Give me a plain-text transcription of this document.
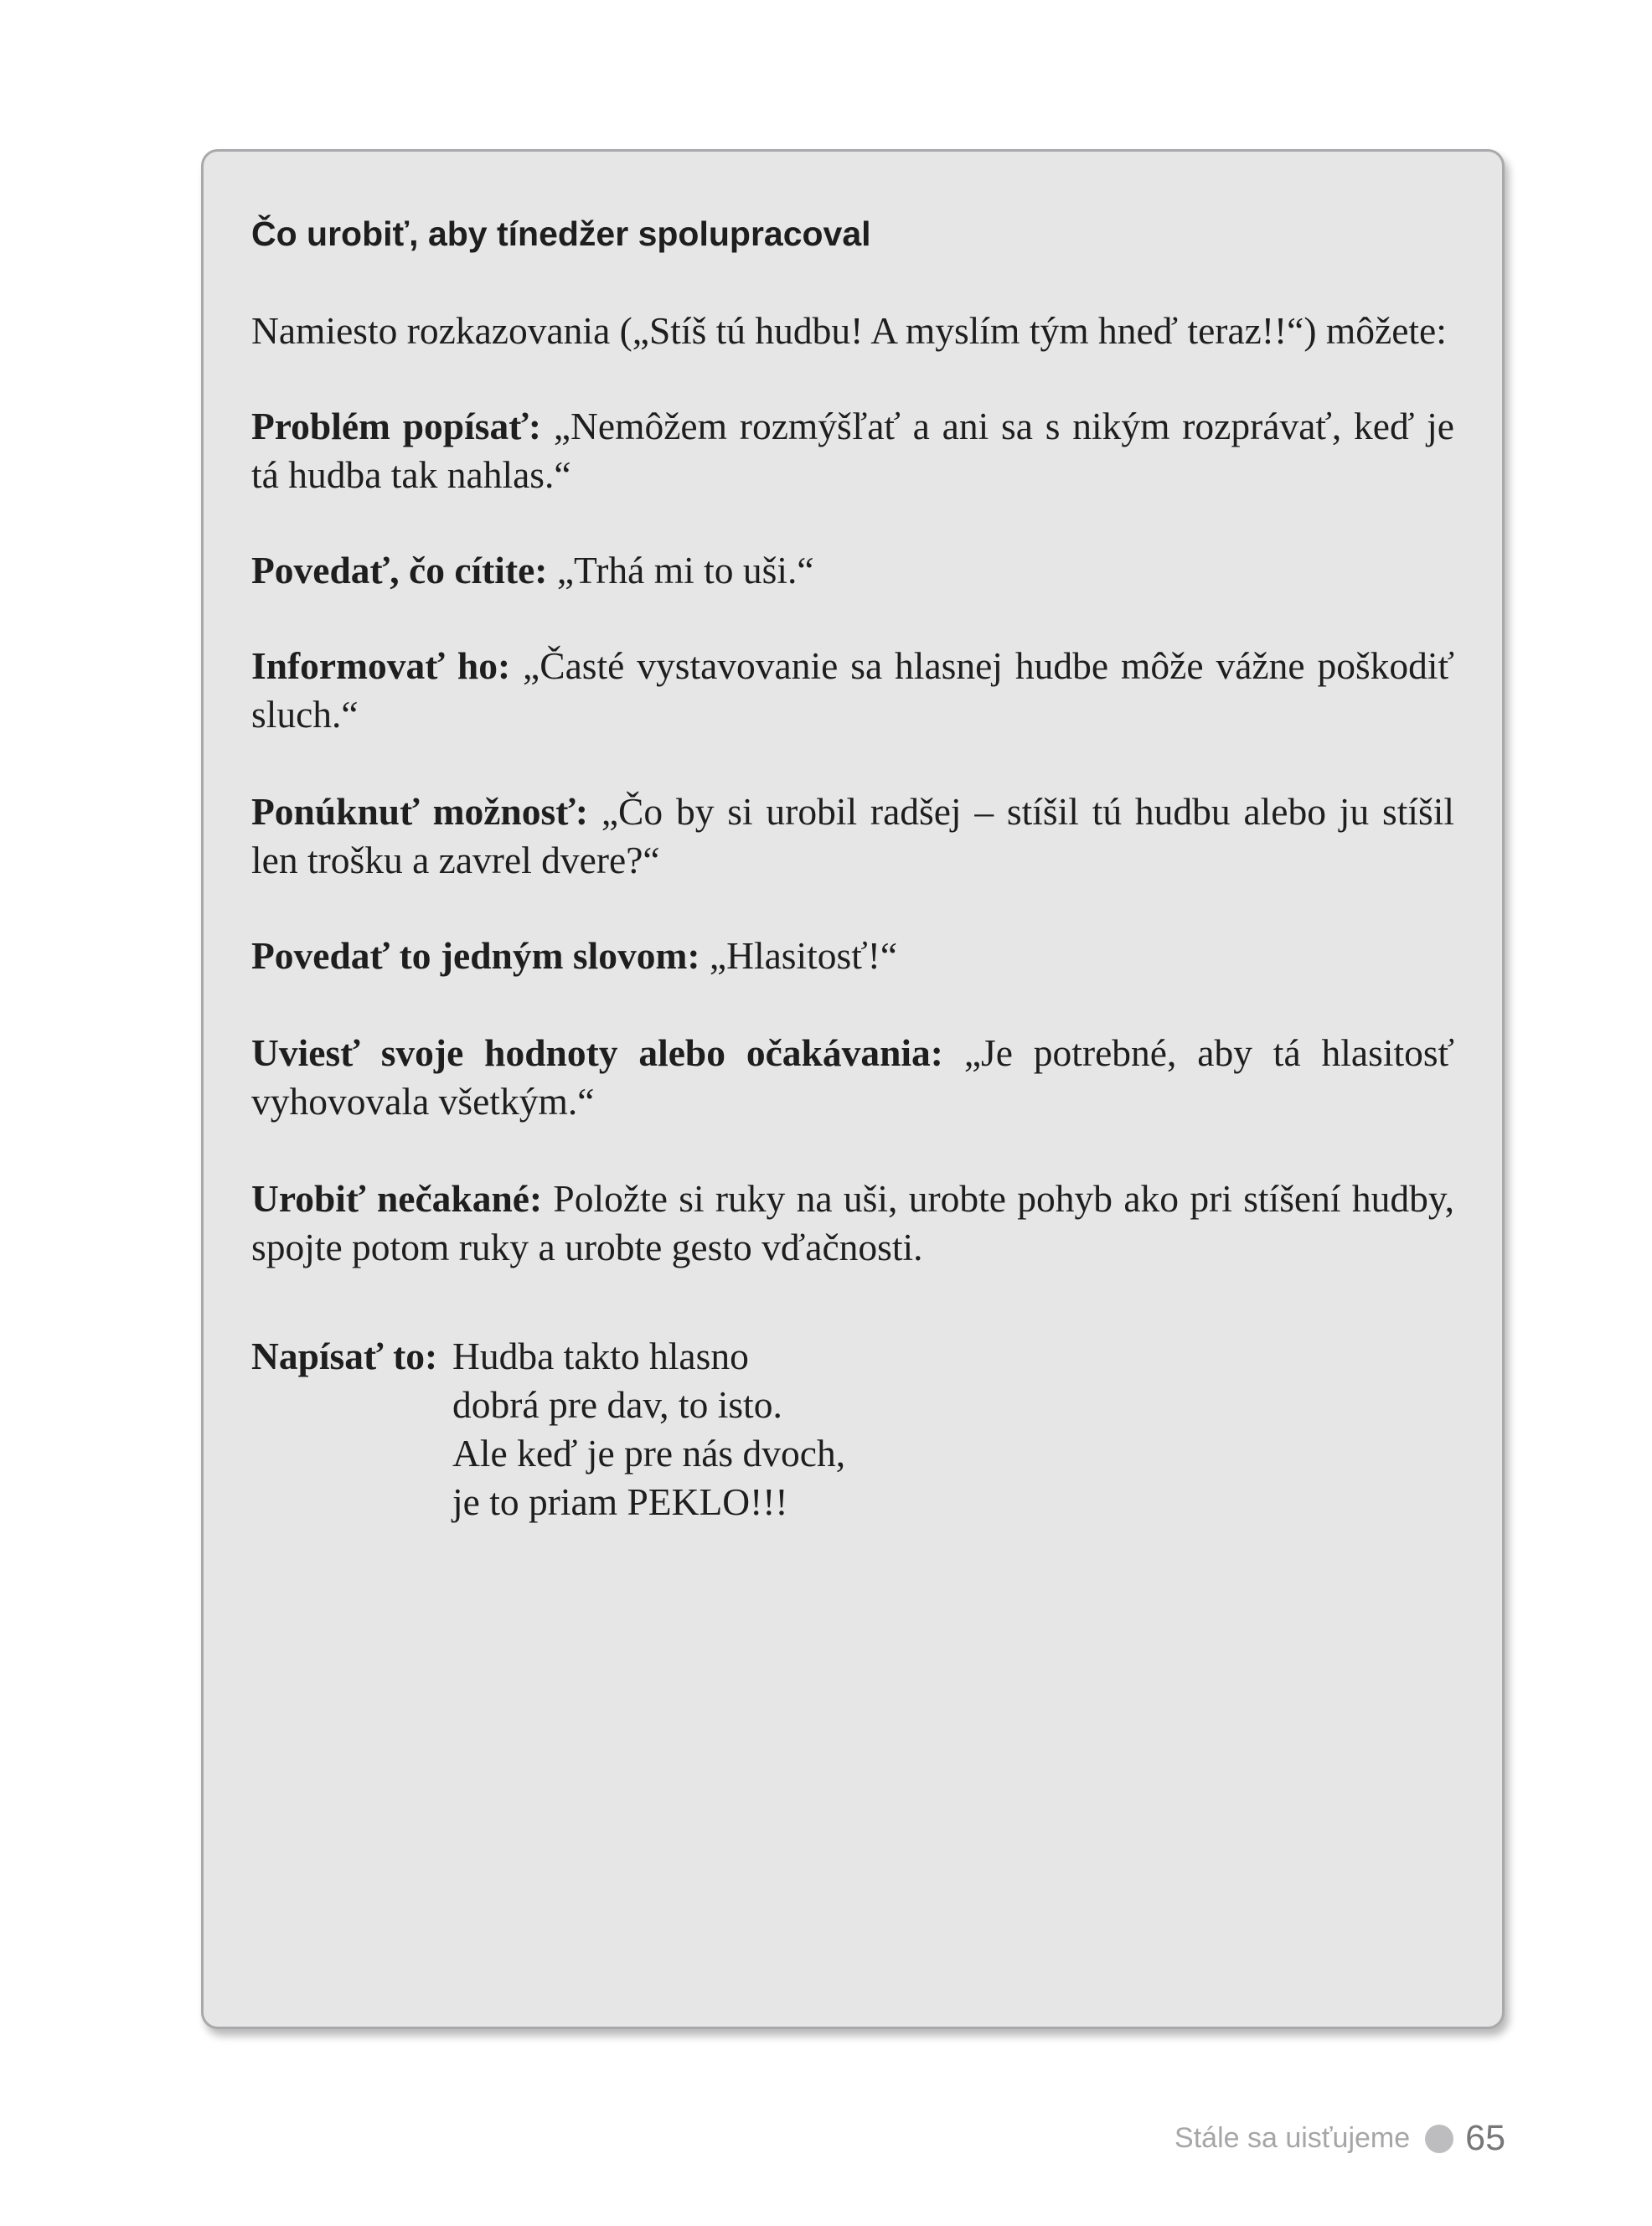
Čo urobiť, aby tínedžer spolupracoval

Namiesto rozkazovania („Stíš tú hudbu! A myslím tým hneď teraz!!“) môžete:

Problém popísať: „Nemôžem rozmýšľať a ani sa s nikým rozprávať, keď je tá hudba tak nahlas.“

Povedať, čo cítite: „Trhá mi to uši.“

Informovať ho: „Časté vystavovanie sa hlasnej hudbe môže vážne poškodiť sluch.“

Ponúknuť možnosť: „Čo by si urobil radšej – stíšil tú hudbu alebo ju stíšil len trošku a zavrel dvere?“

Povedať to jedným slovom: „Hlasitosť!“

Uviesť svoje hodnoty alebo očakávania: „Je potrebné, aby tá hlasitosť vyhovovala všetkým.“

Urobiť nečakané: Položte si ruky na uši, urobte pohyb ako pri stíšení hudby, spojte potom ruky a urobte gesto vďačnosti.

Napísať to: Hudba takto hlasno
dobrá pre dav, to isto.
Ale keď je pre nás dvoch,
je to priam PEKLO!!!
Stále sa uisťujeme 65
